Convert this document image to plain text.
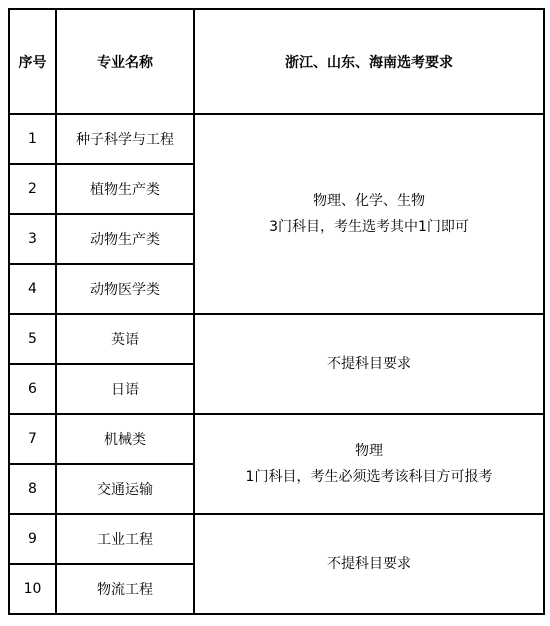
序号	专业名称	浙江、山东、海南选考要求
1	种子科学与工程	物理、化学、生物
3门科目，考生选考其中1门即可

2	植物生产类	
3	动物生产类	
4	动物医学类	
5	英语	不提科目要求

6	日语	
7	机械类	物理
1门科目，考生必须选考该科目方可报考

8	交通运输	
9	工业工程	不提科目要求

10	物流工程	
